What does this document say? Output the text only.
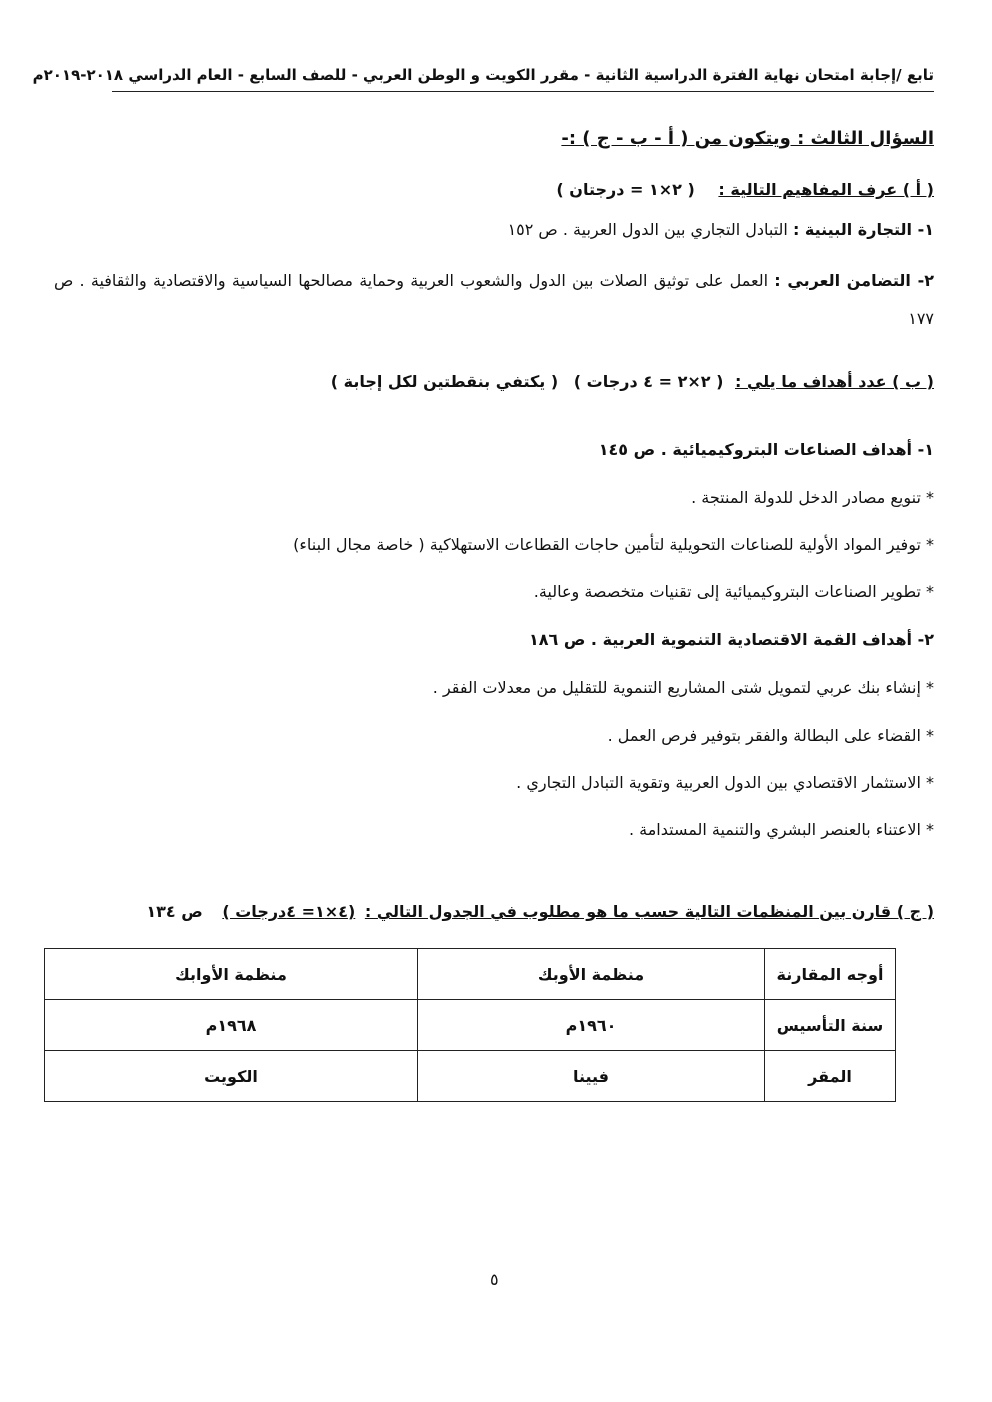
تابع /إجابة امتحان نهاية الفترة الدراسية الثانية - مقرر الكويت و الوطن العربي - للصف السابع - العام الدراسي ٢٠١٨-٢٠١٩م
السؤال الثالث : ويتكون من ( أ - ب - ج ) :-
( أ ) عرف المفاهيم التالية : ( ٢×١ = درجتان )
١- التجارة البينية : التبادل التجاري بين الدول العربية . ص ١٥٢
٢- التضامن العربي : العمل على توثيق الصلات بين الدول والشعوب العربية وحماية مصالحها السياسية والاقتصادية والثقافية . ص ١٧٧
( ب ) عدد أهداف ما يلي : ( ٢×٢ = ٤ درجات ) ( يكتفي بنقطتين لكل إجابة )
١- أهداف الصناعات البتروكيميائية . ص ١٤٥
* تنويع مصادر الدخل للدولة المنتجة .
* توفير المواد الأولية للصناعات التحويلية لتأمين حاجات القطاعات الاستهلاكية ( خاصة مجال البناء)
* تطوير الصناعات البتروكيميائية إلى تقنيات متخصصة وعالية.
٢- أهداف القمة الاقتصادية التنموية العربية . ص ١٨٦
* إنشاء بنك عربي لتمويل شتى المشاريع التنموية للتقليل من معدلات الفقر .
* القضاء على البطالة والفقر بتوفير فرص العمل .
* الاستثمار الاقتصادي بين الدول العربية وتقوية التبادل التجاري .
* الاعتناء بالعنصر البشري والتنمية المستدامة .
( ج ) قارن بين المنظمات التالية حسب ما هو مطلوب في الجدول التالي : (٤×١= ٤درجات ) ص ١٣٤
أوجه المقارنة	منظمة الأوبك	منظمة الأوابك
سنة التأسيس	١٩٦٠م	١٩٦٨م
المقر	فيينا	الكويت
٥
